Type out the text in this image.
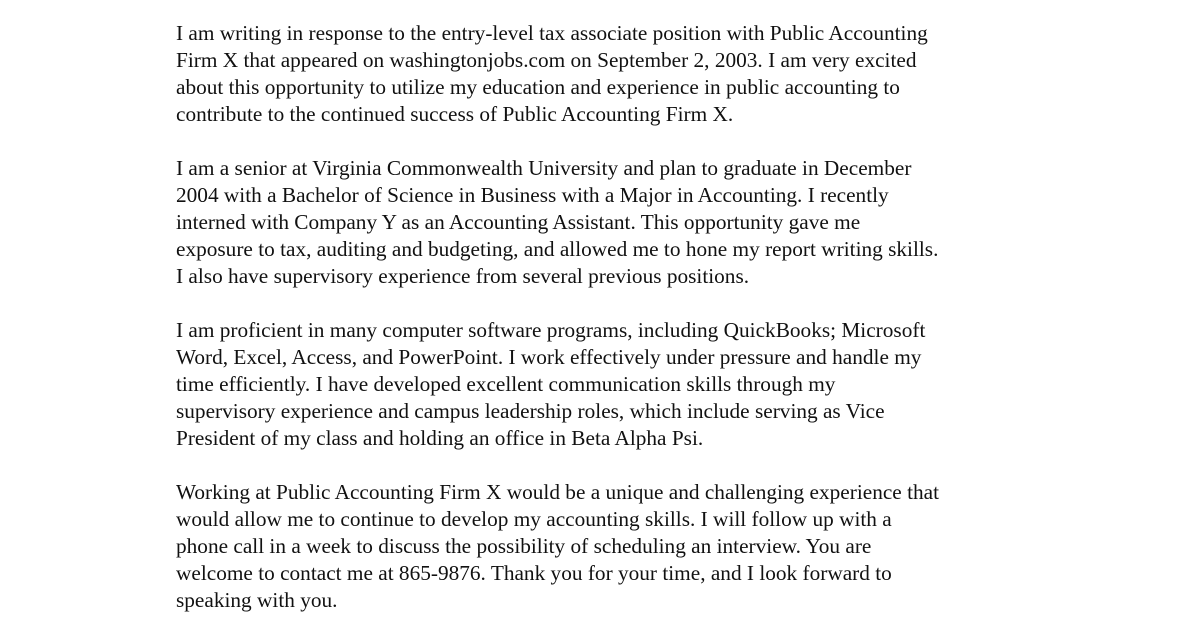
I am writing in response to the entry-level tax associate position with Public Accounting
Firm X that appeared on washingtonjobs.com on September 2, 2003. I am very excited
about this opportunity to utilize my education and experience in public accounting to
contribute to the continued success of Public Accounting Firm X.

I am a senior at Virginia Commonwealth University and plan to graduate in December
2004 with a Bachelor of Science in Business with a Major in Accounting. I recently
interned with Company Y as an Accounting Assistant. This opportunity gave me
exposure to tax, auditing and budgeting, and allowed me to hone my report writing skills.
I also have supervisory experience from several previous positions.

I am proficient in many computer software programs, including QuickBooks; Microsoft
Word, Excel, Access, and PowerPoint. I work effectively under pressure and handle my
time efficiently. I have developed excellent communication skills through my
supervisory experience and campus leadership roles, which include serving as Vice
President of my class and holding an office in Beta Alpha Psi.

Working at Public Accounting Firm X would be a unique and challenging experience that
would allow me to continue to develop my accounting skills. I will follow up with a
phone call in a week to discuss the possibility of scheduling an interview. You are
welcome to contact me at 865-9876. Thank you for your time, and I look forward to
speaking with you.
